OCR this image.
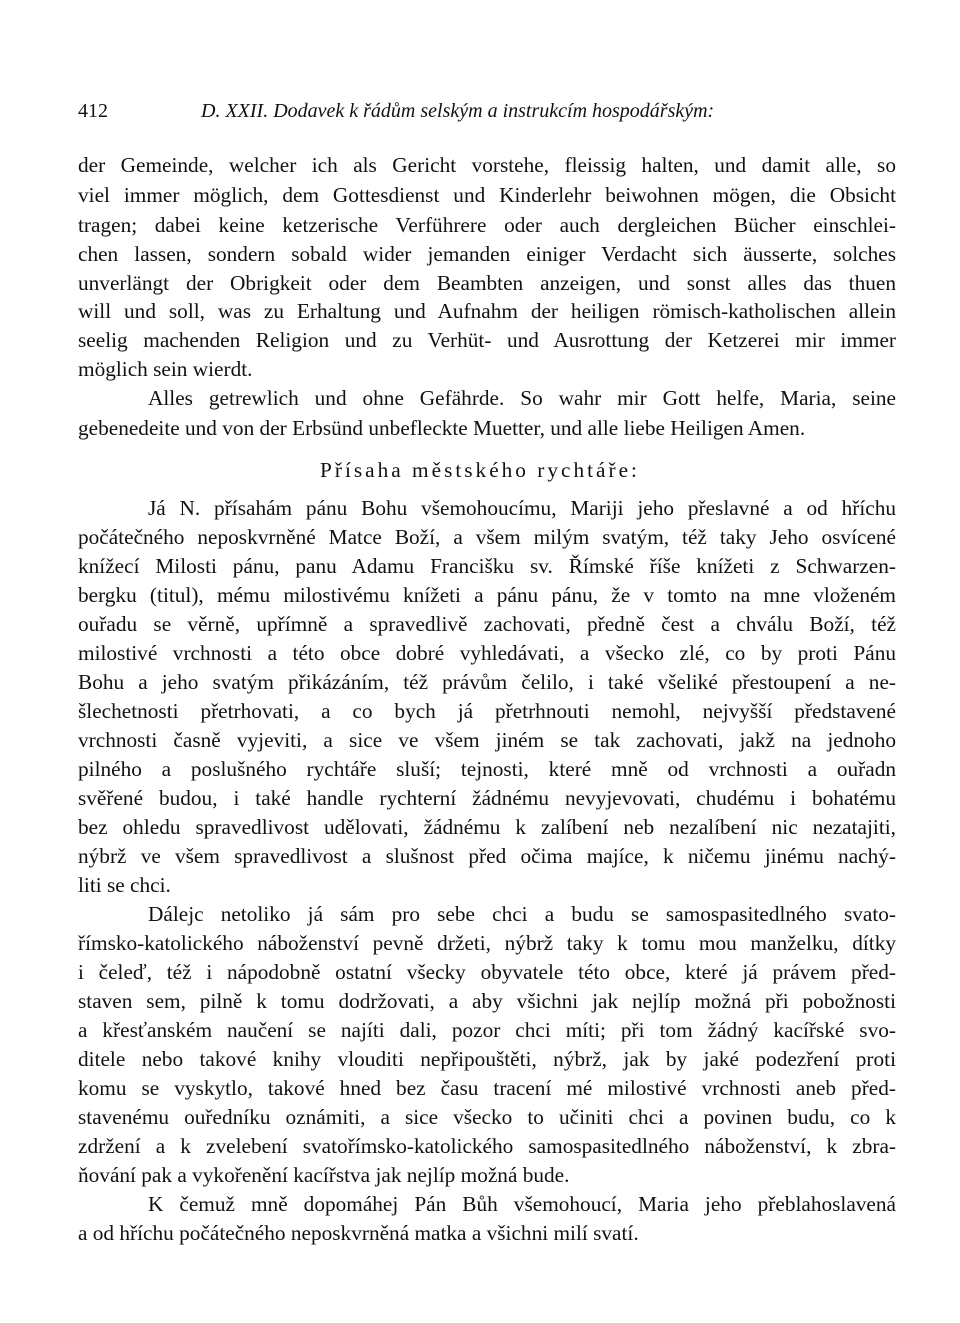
412	D. XXII. Dodavek k řádům selským a instrukcím hospodářským:
der Gemeinde, welcher ich als Gericht vorstehe, fleissig halten, und damit alle, so
viel immer möglich, dem Gottesdienst und Kinderlehr beiwohnen mögen, die Obsicht
tragen; dabei keine ketzerische Verführere oder auch dergleichen Bücher einschlei-
chen lassen, sondern sobald wider jemanden einiger Verdacht sich äusserte, solches
unverlängt der Obrigkeit oder dem Beambten anzeigen, und sonst alles das thuen
will und soll, was zu Erhaltung und Aufnahm der heiligen römisch-katholischen allein
seelig machenden Religion und zu Verhüt- und Ausrottung der Ketzerei mir immer
möglich sein wierdt.
Alles getrewlich und ohne Gefährde. So wahr mir Gott helfe, Maria, seine
gebenedeite und von der Erbsünd unbefleckte Muetter, und alle liebe Heiligen Amen.
Přísaha městského rychtáře:
Já N. přísahám pánu Bohu všemohoucímu, Mariji jeho přeslavné a od hříchu
počátečného neposkvrněné Matce Boží, a všem milým svatým, též taky Jeho osvícené
knížecí Milosti pánu, panu Adamu Francišku sv. Římské říše knížeti z Schwarzen-
bergku (titul), mému milostivému knížeti a pánu pánu, že v tomto na mne vloženém
ouřadu se věrně, upřímně a spravedlivě zachovati, předně čest a chválu Boží, též
milostivé vrchnosti a této obce dobré vyhledávati, a všecko zlé, co by proti Pánu
Bohu a jeho svatým přikázáním, též právům čelilo, i také všeliké přestoupení a ne-
šlechetnosti přetrhovati, a co bych já přetrhnouti nemohl, nejvyšší představené
vrchnosti časně vyjeviti, a sice ve všem jiném se tak zachovati, jakž na jednoho
pilného a poslušného rychtáře sluší; tejnosti, které mně od vrchnosti a ouřadn
svěřené budou, i také handle rychterní žádnému nevyjevovati, chudému i bohatému
bez ohledu spravedlivost udělovati, žádnému k zalíbení neb nezalíbení nic nezatajiti,
nýbrž ve všem spravedlivost a slušnost před očima majíce, k ničemu jinému nachý-
liti se chci.
Dálejc netoliko já sám pro sebe chci a budu se samospasitedlného svato-
římsko-katolického náboženství pevně držeti, nýbrž taky k tomu mou manželku, dítky
i čeleď, též i nápodobně ostatní všecky obyvatele této obce, které já právem před-
staven sem, pilně k tomu dodržovati, a aby všichni jak nejlíp možná při pobožnosti
a křesťanském naučení se najíti dali, pozor chci míti; při tom žádný kacířské svo-
ditele nebo takové knihy vlouditi nepřipouštěti, nýbrž, jak by jaké podezření proti
komu se vyskytlo, takové hned bez času tracení mé milostivé vrchnosti aneb před-
stavenému ouředníku oznámiti, a sice všecko to učiniti chci a povinen budu, co k
zdržení a k zvelebení svatořímsko-katolického samospasitedlného náboženství, k zbra-
ňování pak a vykořenění kacířstva jak nejlíp možná bude.
K čemuž mně dopomáhej Pán Bůh všemohoucí, Maria jeho přeblahoslavená
a od hříchu počátečného neposkvrněná matka a všichni milí svatí.
